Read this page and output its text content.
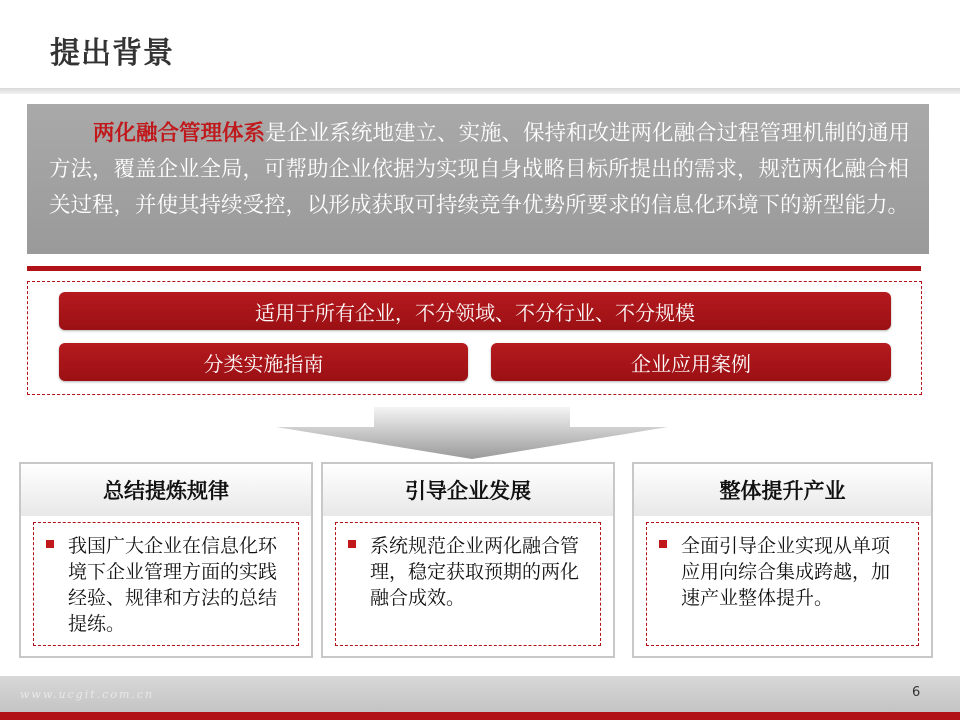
提出背景
两化融合管理体系是企业系统地建立、实施、保持和改进两化融合过程管理机制的通用方法，覆盖企业全局，可帮助企业依据为实现自身战略目标所提出的需求，规范两化融合相关过程，并使其持续受控，以形成获取可持续竞争优势所要求的信息化环境下的新型能力。
适用于所有企业，不分领域、不分行业、不分规模
分类实施指南	企业应用案例
总结提炼规律
我国广大企业在信息化环境下企业管理方面的实践经验、规律和方法的总结提练。
引导企业发展
系统规范企业两化融合管理，稳定获取预期的两化融合成效。
整体提升产业
全面引导企业实现从单项应用向综合集成跨越，加速产业整体提升。
www.ucgit.com.cn	6
